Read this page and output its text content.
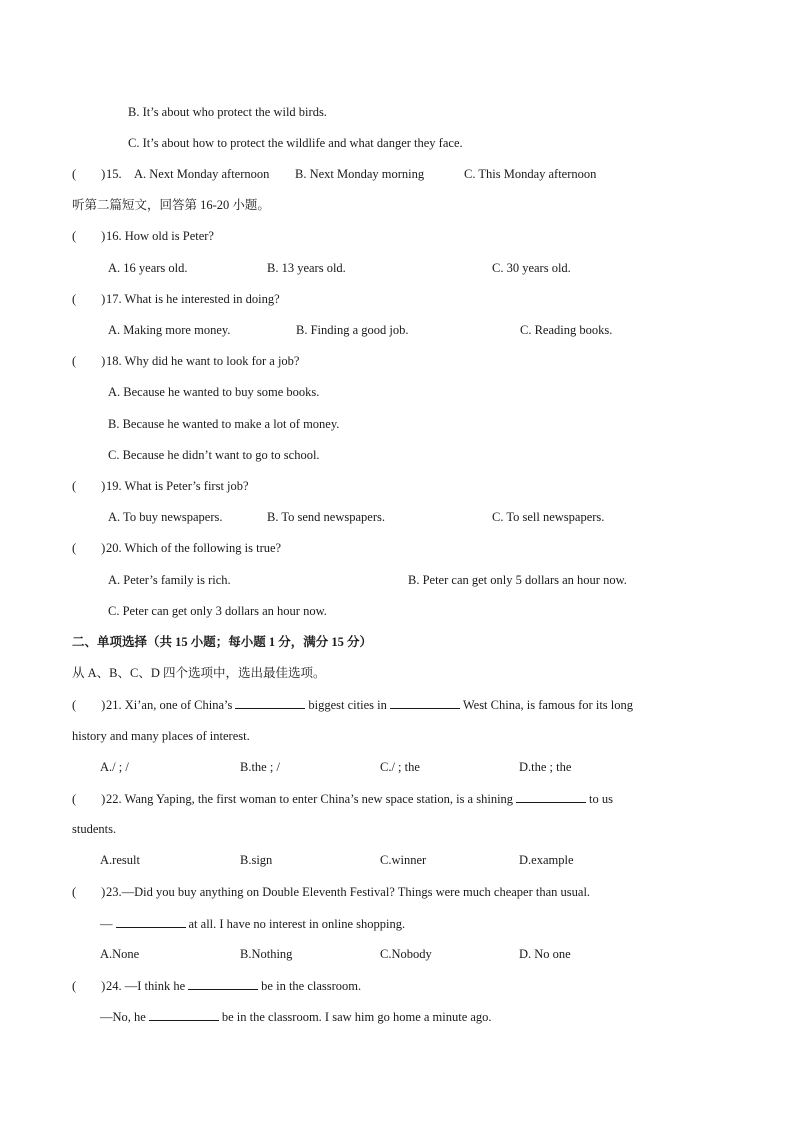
B. It’s about who protect the wild birds.
C. It’s about how to protect the wildlife and what danger they face.
(　　)15. A. Next Monday afternoon B. Next Monday morning	C. This Monday afternoon
听第二篇短文，回答第 16-20 小题。
(　　)16. How old is Peter?
A. 16 years old.	B. 13 years old.	C. 30 years old.
(　　)17. What is he interested in doing?
A. Making more money.	B. Finding a good job.	C. Reading books.
(　　)18. Why did he want to look for a job?
A. Because he wanted to buy some books.
B. Because he wanted to make a lot of money.
C. Because he didn’t want to go to school.
(　　)19. What is Peter’s first job?
A. To buy newspapers.	B. To send newspapers.	C. To sell newspapers.
(　　)20. Which of the following is true?
A. Peter’s family is rich.	B. Peter can get only 5 dollars an hour now.
C. Peter can get only 3 dollars an hour now.
二、单项选择（共 15 小题；每小题 1 分，满分 15 分）
从 A、B、C、D 四个选项中，选出最佳选项。
(　　)21. Xi’an, one of China’s	biggest cities in	West China, is famous for its long
history and many places of interest.
A./ ; /	B.the ; /	C./ ; the	D.the ; the
(　　)22. Wang Yaping, the first woman to enter China’s new space station, is a shining	to us
students.
A.result	B.sign	C.winner	D.example
(　　)23.—Did you buy anything on Double Eleventh Festival? Things were much cheaper than usual.
—	at all. I have no interest in online shopping.
A.None	B.Nothing	C.Nobody	D. No one
(　　)24. —I think he	be in the classroom.
—No, he	be in the classroom. I saw him go home a minute ago.
